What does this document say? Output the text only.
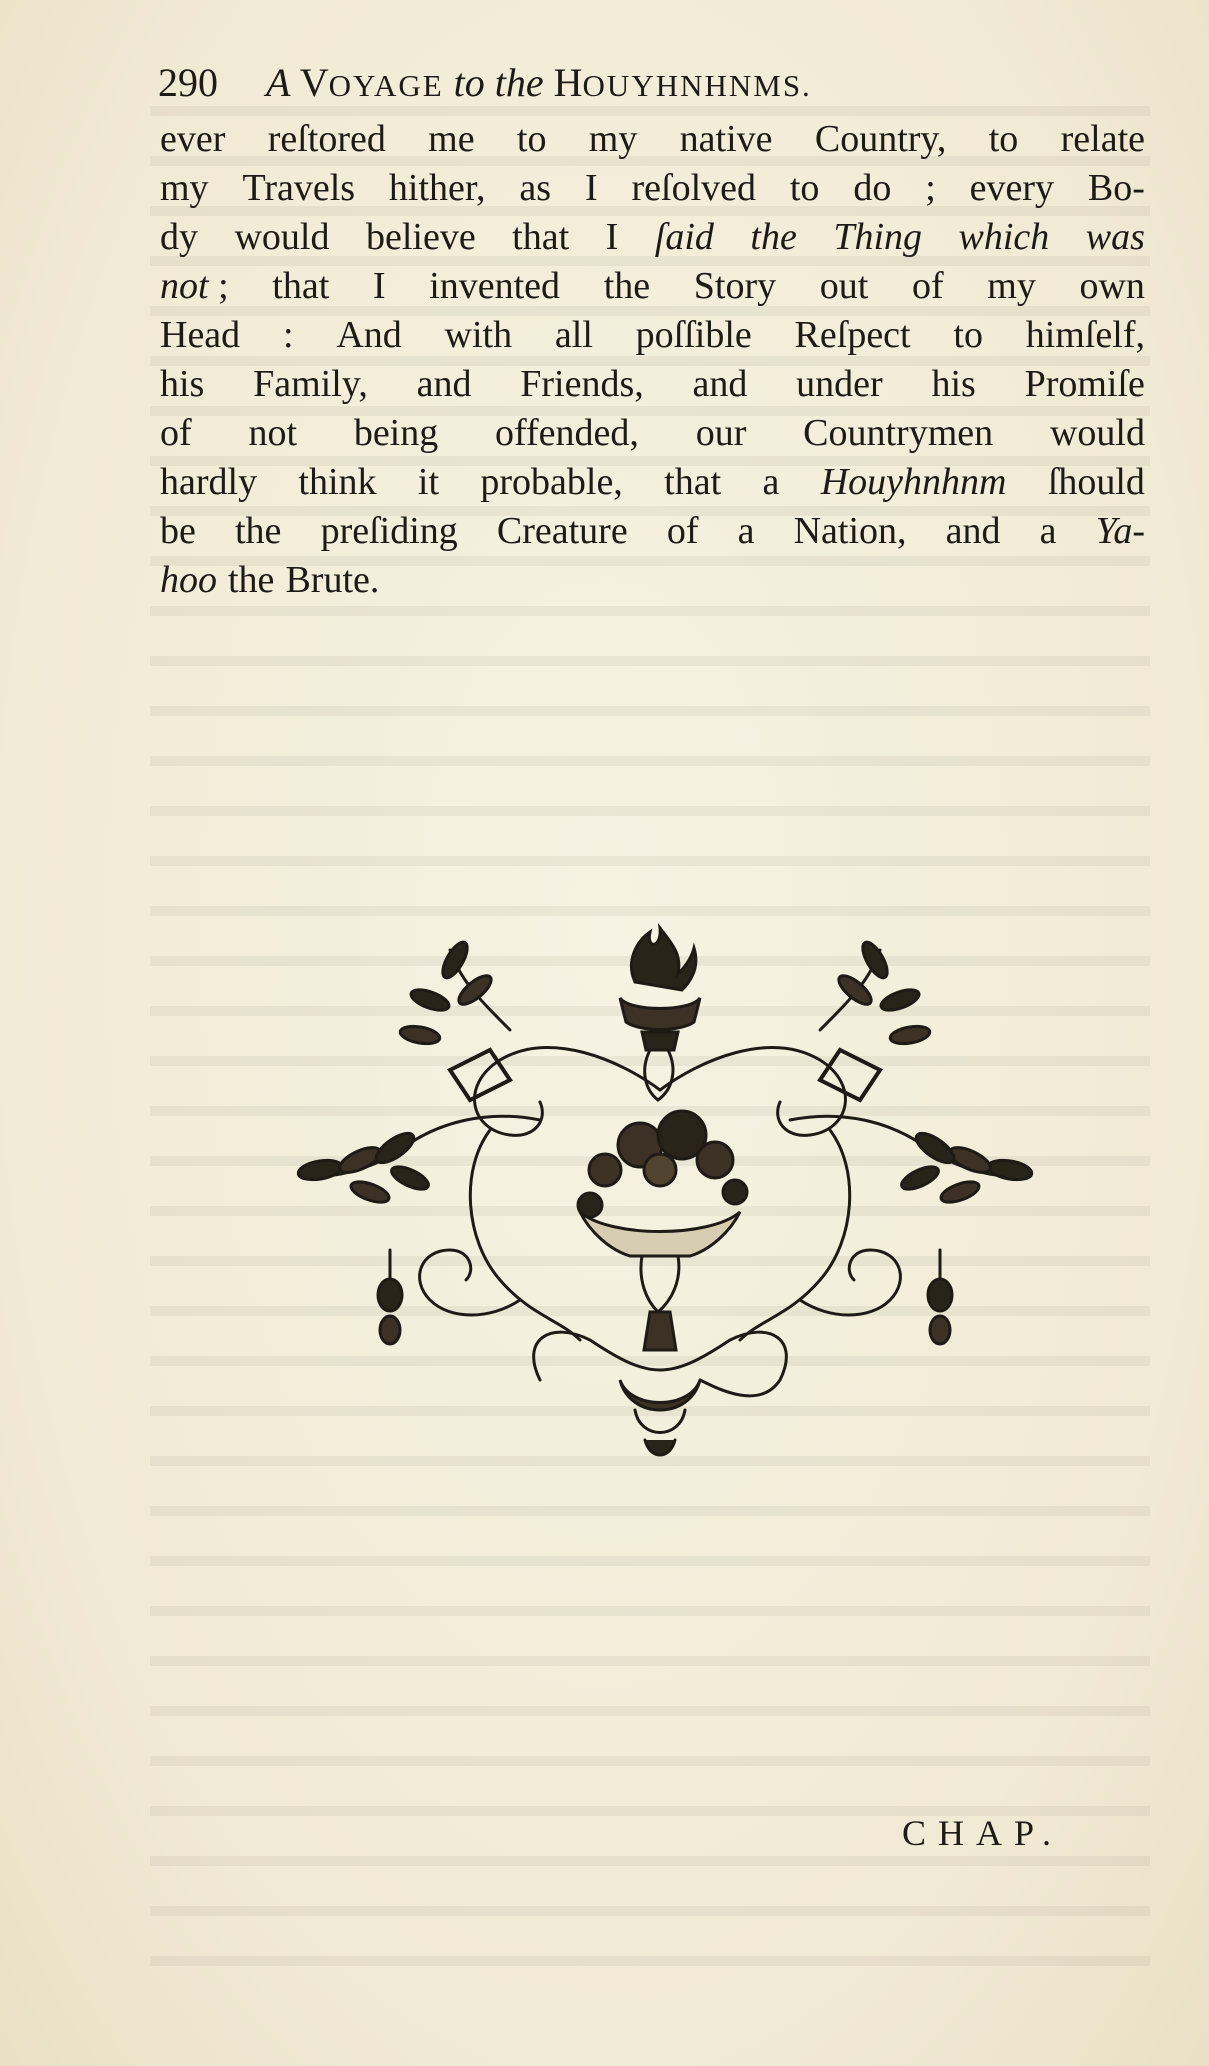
290 A VOYAGE to the HOUYHNHNMS.
ever reſtored me to my native Country, to relate
my Travels hither, as I reſolved to do ; every Bo-
dy would believe that I ſaid the Thing which was
not ; that I invented the Story out of my own
Head : And with all poſſible Reſpect to himſelf,
his Family, and Friends, and under his Promiſe
of not being offended, our Countrymen would
hardly think it probable, that a Houyhnhnm ſhould
be the preſiding Creature of a Nation, and a Ya-
hoo the Brute.
CHAP.
